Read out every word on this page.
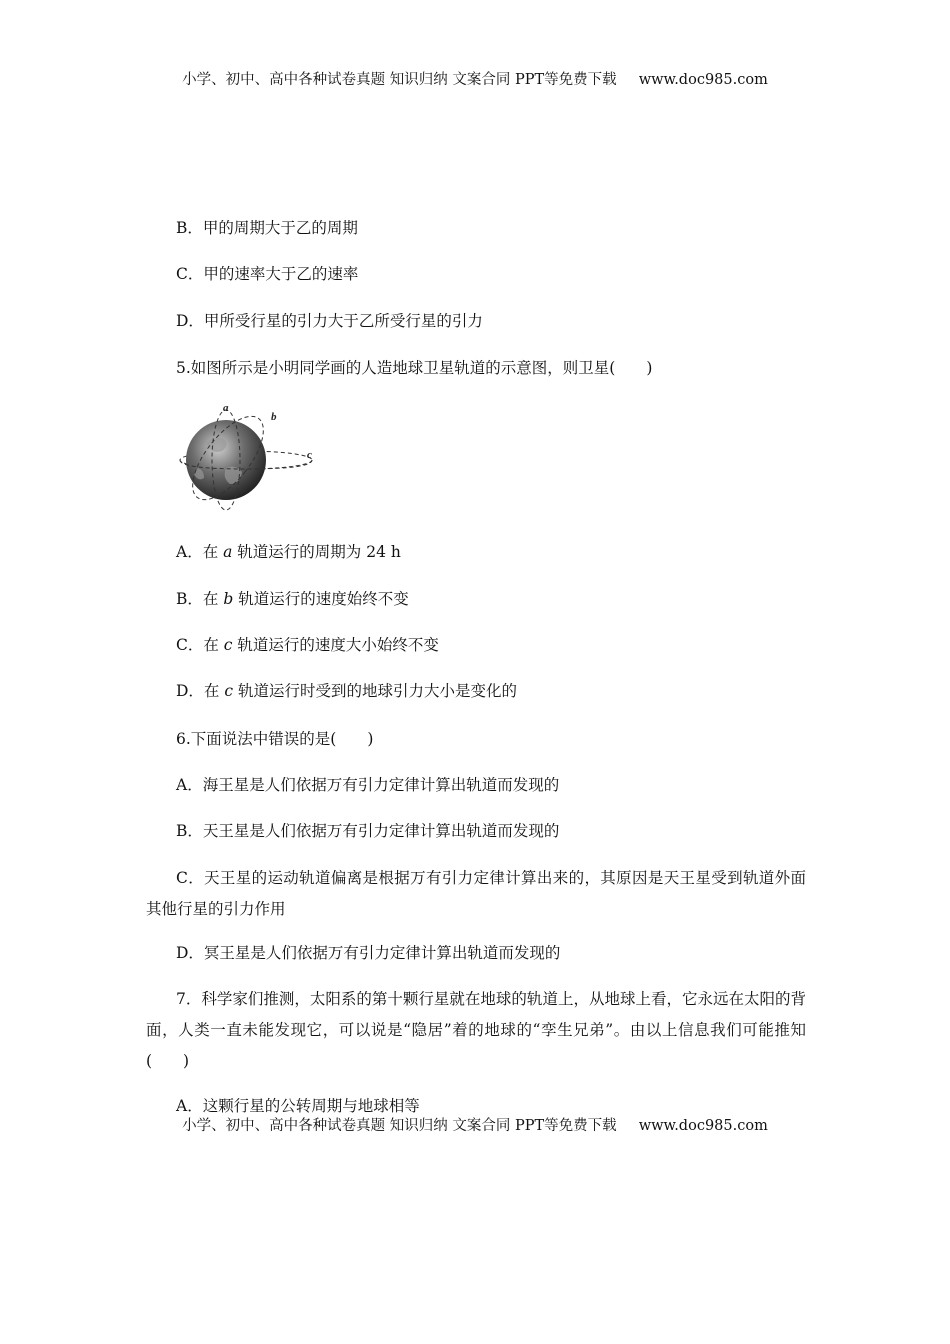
小学、初中、高中各种试卷真题 知识归纳 文案合同 PPT等免费下载 www.doc985.com
B．甲的周期大于乙的周期
C．甲的速率大于乙的速率
D．甲所受行星的引力大于乙所受行星的引力
5.如图所示是小明同学画的人造地球卫星轨道的示意图，则卫星(　　)
a
b
c
A．在 a 轨道运行的周期为 24 h
B．在 b 轨道运行的速度始终不变
C．在 c 轨道运行的速度大小始终不变
D．在 c 轨道运行时受到的地球引力大小是变化的
6.下面说法中错误的是(　　)
A．海王星是人们依据万有引力定律计算出轨道而发现的
B．天王星是人们依据万有引力定律计算出轨道而发现的
C．天王星的运动轨道偏离是根据万有引力定律计算出来的，其原因是天王星受到轨道外面其他行星的引力作用
D．冥王星是人们依据万有引力定律计算出轨道而发现的
7．科学家们推测，太阳系的第十颗行星就在地球的轨道上，从地球上看，它永远在太阳的背面，人类一直未能发现它，可以说是“隐居”着的地球的“孪生兄弟”。由以上信息我们可能推知(　　)
A．这颗行星的公转周期与地球相等
小学、初中、高中各种试卷真题 知识归纳 文案合同 PPT等免费下载 www.doc985.com
